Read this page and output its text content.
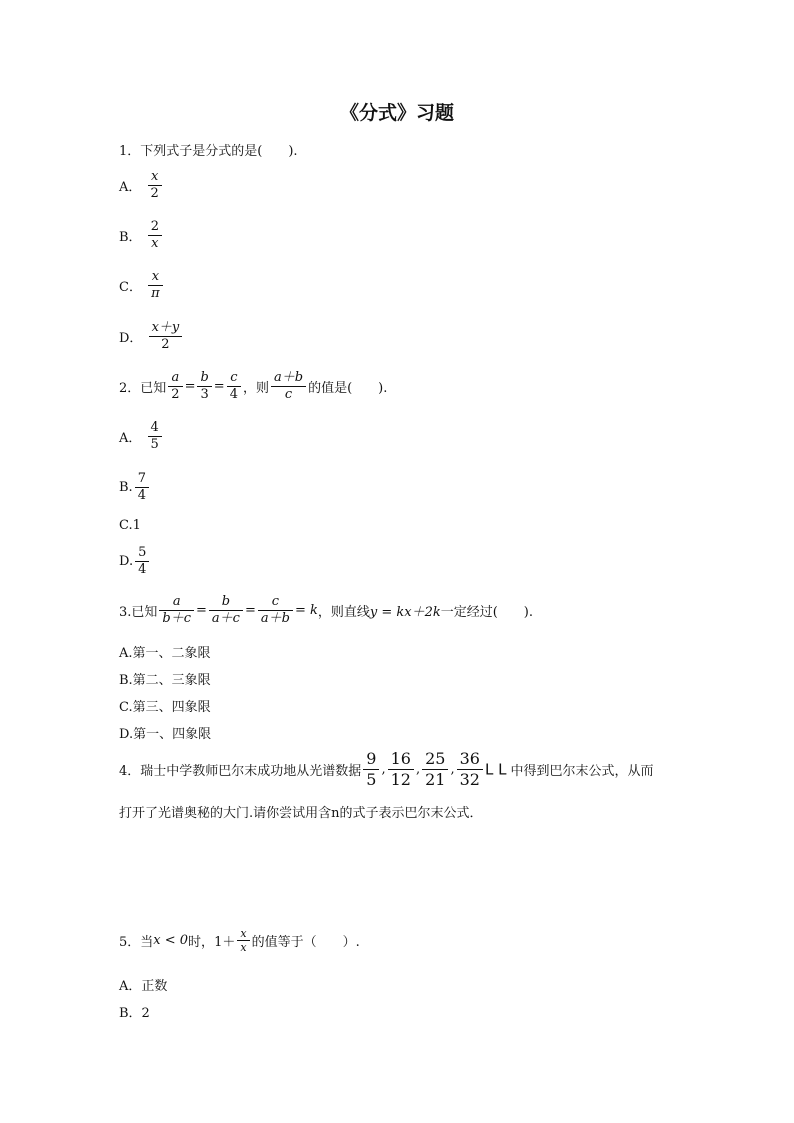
《分式》习题
1．下列式子是分式的是(　　).
A． $\frac{x}{2}$
B． $\frac{2}{x}$
C． $\frac{x}{\pi}$
D． $\frac{x+y}{2}$
2．已知 $\frac{a}{2} = \frac{b}{3} = \frac{c}{4}$ ，则 $\frac{a+b}{c}$ 的值是(　　).
A． $\frac{4}{5}$
B. $\frac{7}{4}$
C.1
D. $\frac{5}{4}$
3.已知 $\frac{a}{b+c} = \frac{b}{a+c} = \frac{c}{a+b} = k$，则直线y = kx＋2k一定经过(　　).
A.第一、二象限
B.第二、三象限
C.第三、四象限
D.第一、四象限
4．瑞士中学教师巴尔末成功地从光谱数据 $\frac{9}{5}$ , $\frac{16}{12}$ , $\frac{25}{21}$ , $\frac{36}{32}$ L L 中得到巴尔末公式，从而
打开了光谱奥秘的大门.请你尝试用含n的式子表示巴尔末公式．
5．当x < 0时，$1+ \frac{x}{x}$ 的值等于（　　）.
A．正数
B．2
